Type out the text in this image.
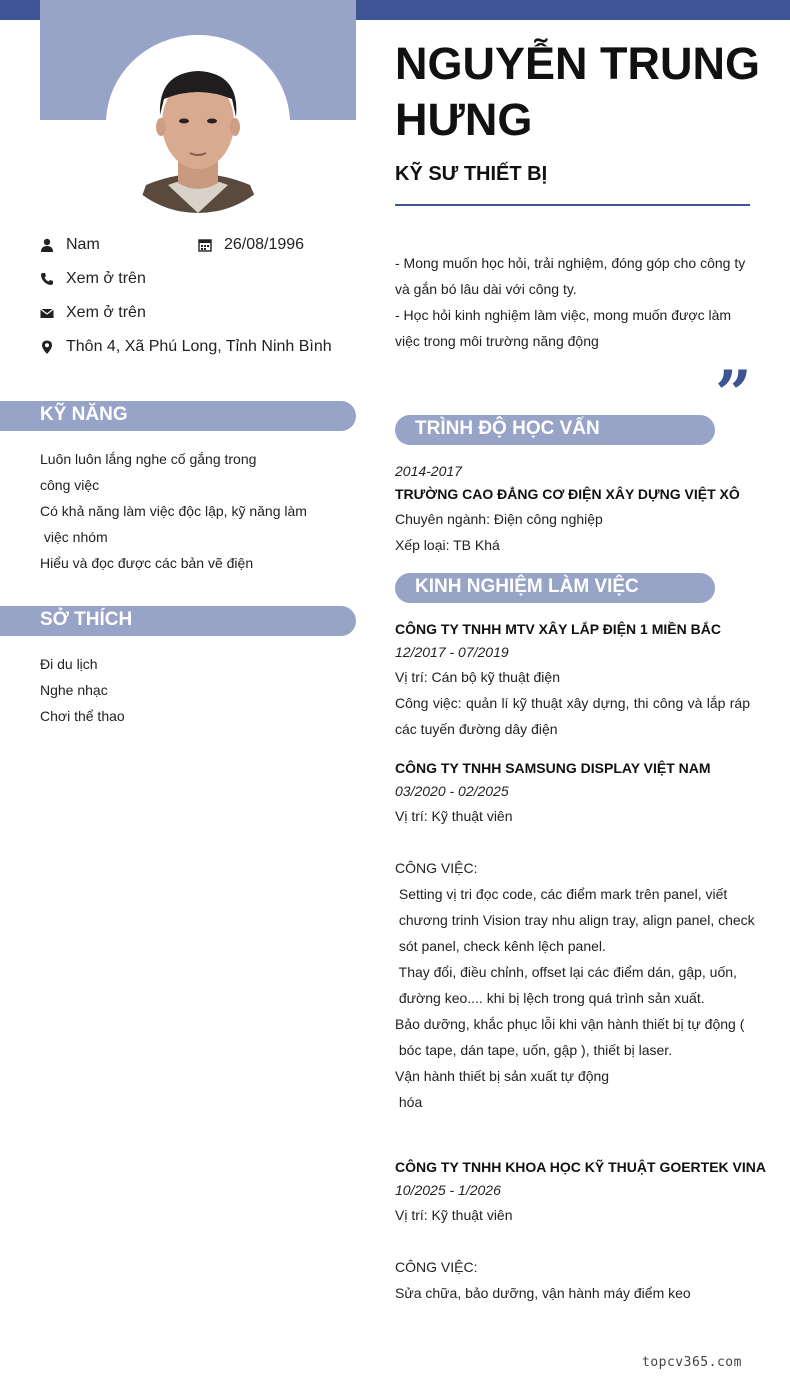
Nam	26/08/1996
Xem ở trên
Xem ở trên
Thôn 4, Xã Phú Long, Tỉnh Ninh Bình
KỸ NĂNG
Luôn luôn lắng nghe cố gắng trong
công việc
Có khả năng làm việc độc lập, kỹ năng làm
việc nhóm
Hiểu và đọc được các bản vẽ điện
SỞ THÍCH
Đi du lịch
Nghe nhạc
Chơi thể thao
NGUYỄN TRUNG HƯNG
KỸ SƯ THIẾT BỊ
- Mong muốn học hỏi, trải nghiệm, đóng góp cho công ty
và gắn bó lâu dài với công ty.
- Học hỏi kinh nghiệm làm việc, mong muốn được làm
việc trong môi trường năng động
”
TRÌNH ĐỘ HỌC VẤN
2014-2017
TRƯỜNG CAO ĐẲNG CƠ ĐIỆN XÂY DỰNG VIỆT XÔ
Chuyên ngành: Điện công nghiệp
Xếp loại: TB Khá
KINH NGHIỆM LÀM VIỆC
CÔNG TY TNHH MTV XÂY LẮP ĐIỆN 1 MIỀN BẮC
12/2017 - 07/2019
Vị trí: Cán bộ kỹ thuật điện
Công việc: quản lí kỹ thuật xây dựng, thi công và lắp ráp
các tuyến đường dây điện
CÔNG TY TNHH SAMSUNG DISPLAY VIỆT NAM
03/2020 - 02/2025
Vị trí: Kỹ thuật viên
CÔNG VIỆC:
Setting vị tri đọc code, các điểm mark trên panel, viết
chương trinh Vision tray nhu align tray, align panel, check
sót panel, check kênh lệch panel.
Thay đổi, điều chỉnh, offset lại các điểm dán, gập, uốn,
đường keo.... khi bị lệch trong quá trình sản xuất.
Bảo dưỡng, khắc phục lỗi khi vận hành thiết bị tự động (
bóc tape, dán tape, uốn, gập ), thiết bị laser.
Vận hành thiết bị sản xuất tự động
hóa
CÔNG TY TNHH KHOA HỌC KỸ THUẬT GOERTEK VINA
10/2025 - 1/2026
Vị trí: Kỹ thuật viên
CÔNG VIỆC:
Sửa chữa, bảo dưỡng, vận hành máy điểm keo
topcv365.com
